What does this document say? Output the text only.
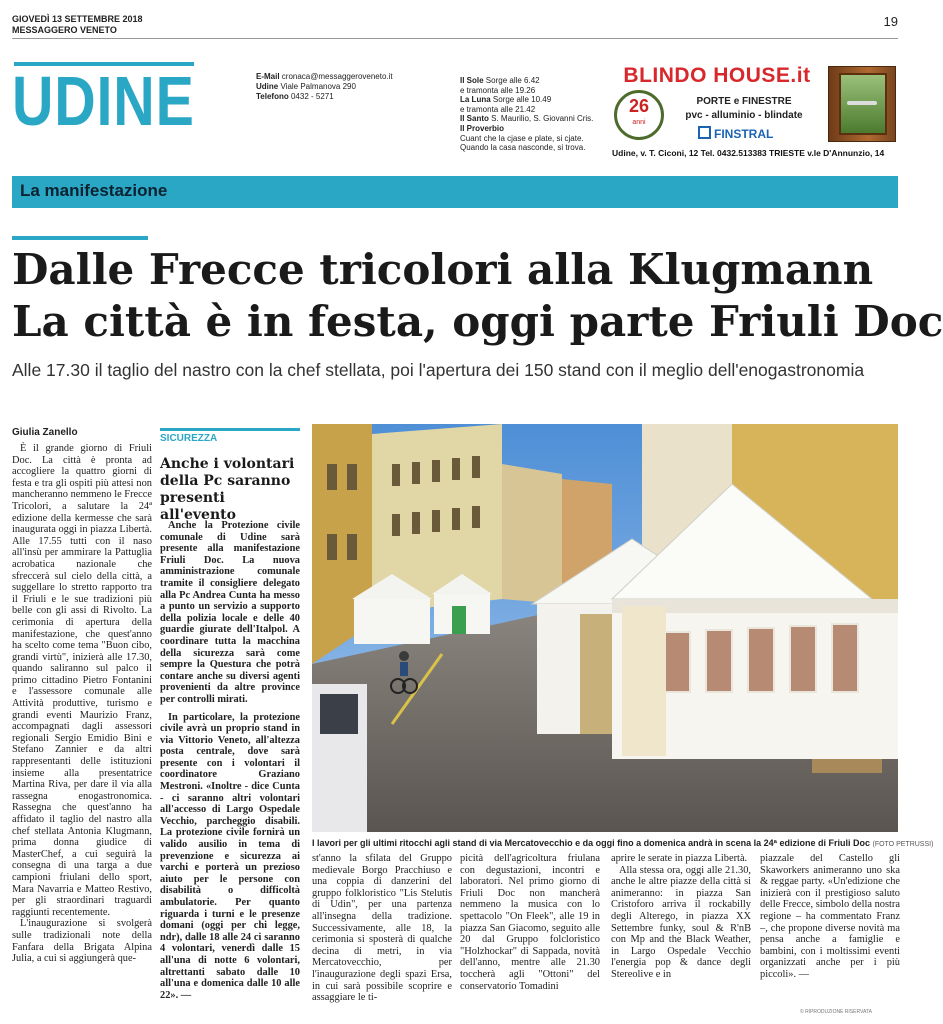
GIOVEDÌ 13 SETTEMBRE 2018
MESSAGGERO VENETO
19
UDINE	E-Mail cronaca@messaggeroveneto.it
Udine Viale Palmanova 290
Telefono 0432 - 5271
Il Sole Sorge alle 6.42
e tramonta alle 19.26
La Luna Sorge alle 10.49
e tramonta alle 21.42
Il Santo S. Maurilio, S. Giovanni Cris.
Il Proverbio
Cuant che la cjase e plate, si cjate.
Quando la casa nasconde, si trova.
BLINDO HOUSE.it
26
anni
PORTE e FINESTRE
pvc - alluminio - blindate
FINSTRAL
Udine, v. T. Ciconi, 12 Tel. 0432.513383 TRIESTE v.le D'Annunzio, 14
La manifestazione
Dalle Frecce tricolori alla Klugmann
La città è in festa, oggi parte Friuli Doc
Alle 17.30 il taglio del nastro con la chef stellata, poi l'apertura dei 150 stand con il meglio dell'enogastronomia
Giulia Zanello

È il grande giorno di Friuli Doc. La città è pronta ad accogliere la quattro giorni di festa e tra gli ospiti più attesi non mancheranno nemmeno le Frecce Tricolori, a salutare la 24ª edizione della kermesse che sarà inaugurata oggi in piazza Libertà. Alle 17.55 tutti con il naso all'insù per ammirare la Pattuglia acrobatica nazionale che sfreccerà sul cielo della città, a suggellare lo stretto rapporto tra il Friuli e le sue tradizioni più belle con gli assi di Rivolto. La cerimonia di apertura della manifestazione, che quest'anno ha scelto come tema "Buon cibo, grandi virtù", inizierà alle 17.30, quando saliranno sul palco il primo cittadino Pietro Fontanini e l'assessore comunale alle Attività produttive, turismo e grandi eventi Maurizio Franz, accompagnati dagli assessori regionali Sergio Emidio Bini e Stefano Zannier e da altri rappresentanti delle istituzioni insieme alla presentatrice Martina Riva, per dare il via alla rassegna enogastronomica. Rassegna che quest'anno ha affidato il taglio del nastro alla chef stellata Antonia Klugmann, prima donna giudice di MasterChef, a cui seguirà la consegna di una targa a due campioni friulani dello sport, Mara Navarria e Matteo Restivo, per gli straordinari traguardi raggiunti recentemente.

L'inaugurazione si svolgerà sulle tradizionali note della Fanfara della Brigata Alpina Julia, a cui si aggiungerà que-

SICUREZZA
Anche i volontari della Pc saranno presenti all'evento

Anche la Protezione civile comunale di Udine sarà presente alla manifestazione Friuli Doc. La nuova amministrazione comunale tramite il consigliere delegato alla Pc Andrea Cunta ha messo a punto un servizio a supporto della polizia locale e delle 40 guardie giurate dell'Italpol. A coordinare tutta la macchina della sicurezza sarà come sempre la Questura che potrà contare anche su diversi agenti provenienti da altre province per controlli mirati.

In particolare, la protezione civile avrà un proprio stand in via Vittorio Veneto, all'altezza posta centrale, dove sarà presente con i volontari il coordinatore Graziano Mestroni. «Inoltre - dice Cunta - ci saranno altri volontari all'accesso di Largo Ospedale Vecchio, parcheggio disabili. La protezione civile fornirà un valido ausilio in tema di prevenzione e sicurezza ai varchi e porterà un prezioso aiuto per le persone con disabilità o difficoltà ambulatorie. Per quanto riguarda i turni e le presenze domani (oggi per chi legge, ndr), dalle 18 alle 24 ci saranno 4 volontari, venerdì dalle 15 all'una di notte 6 volontari, altrettanti sabato dalle 10 all'una e domenica dalle 10 alle 22». —

I lavori per gli ultimi ritocchi agli stand di via Mercatovecchio e da oggi fino a domenica andrà in scena la 24ª edizione di Friuli Doc (FOTO PETRUSSI)

st'anno la sfilata del Gruppo medievale Borgo Pracchiuso e una coppia di danzerini del gruppo folkloristico "Lis Stelutis di Udin", per una partenza all'insegna della tradizione. Successivamente, alle 18, la cerimonia si sposterà di qualche decina di metri, in via Mercatovecchio, per l'inaugurazione degli spazi Ersa, in cui sarà possibile scoprire e assaggiare le ti-

picità dell'agricoltura friulana con degustazioni, incontri e laboratori. Nel primo giorno di Friuli Doc non mancherà nemmeno la musica con lo spettacolo "On Fleek", alle 19 in piazza San Giacomo, seguito alle 20 dal Gruppo folcloristico "Holzhockar" di Sappada, novità dell'anno, mentre alle 21.30 toccherà agli "Ottoni" del conservatorio Tomadini

aprire le serate in piazza Libertà.

Alla stessa ora, oggi alle 21.30, anche le altre piazze della città si animeranno: in piazza San Cristoforo arriva il rockabilly degli Alterego, in piazza XX Settembre funky, soul & R'nB con Mp and the Black Weather, in Largo Ospedale Vecchio l'energia pop & dance degli Stereolive e in

piazzale del Castello gli Skaworkers animeranno uno ska & reggae party. «Un'edizione che inizierà con il prestigioso saluto delle Frecce, simbolo della nostra regione – ha commentato Franz –, che propone diverse novità ma pensa anche a famiglie e bambini, con i moltissimi eventi organizzati anche per i più piccoli». —

© RIPRODUZIONE RISERVATA
